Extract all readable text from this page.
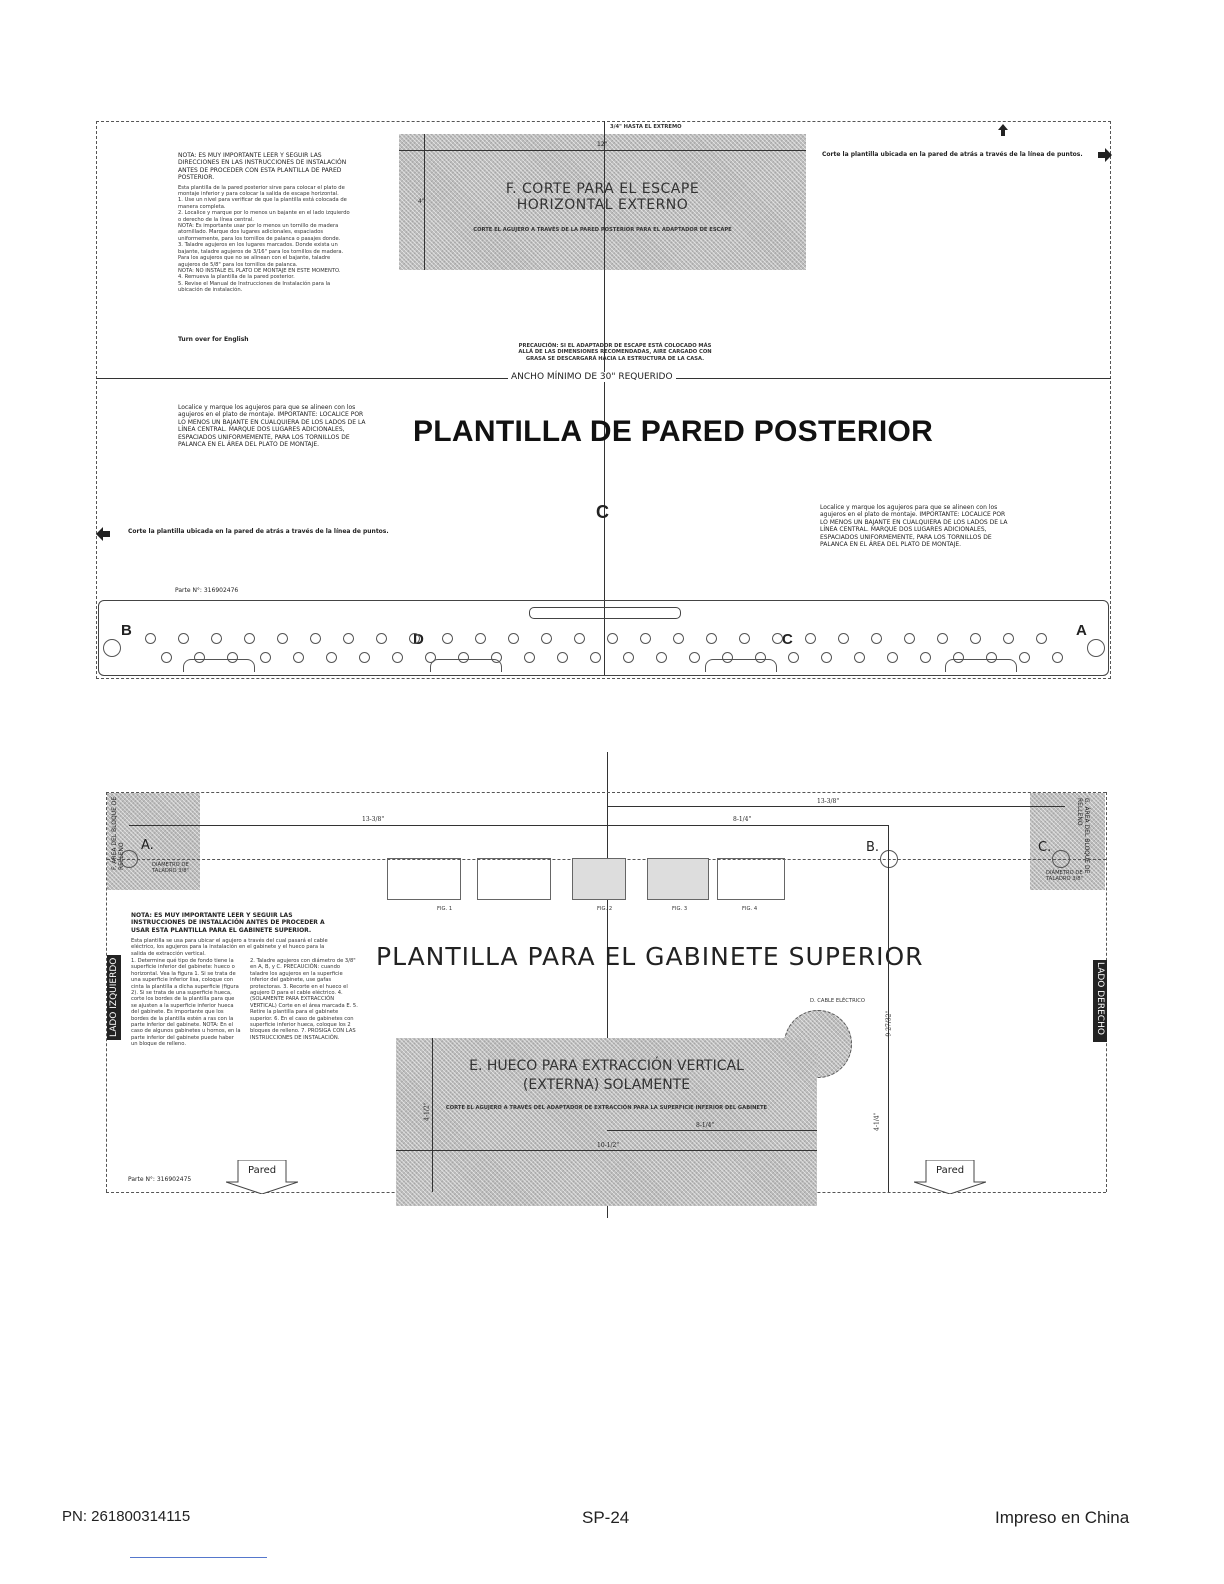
F. CORTE PARA EL ESCAPE
HORIZONTAL EXTERNO
CORTE EL AGUJERO A TRAVÉS DE LA PARED POSTERIOR PARA EL ADAPTADOR DE ESCAPE
12"
4"
3/4" HASTA EL EXTREMO
Corte la plantilla ubicada en la pared de atrás a través de la línea de puntos.
NOTA: ES MUY IMPORTANTE LEER Y SEGUIR LAS DIRECCIONES EN LAS INSTRUCCIONES DE INSTALACIÓN ANTES DE PROCEDER CON ESTA PLANTILLA DE PARED POSTERIOR.
Esta plantilla de la pared posterior sirve para colocar el plato de montaje inferior y para colocar la salida de escape horizontal.
1. Use un nivel para verificar de que la plantilla está colocada de manera completa.
2. Localice y marque por lo menos un bajante en el lado izquierdo o derecho de la línea central.
NOTA: Es importante usar por lo menos un tornillo de madera atornillado. Marque dos lugares adicionales, espaciados uniformemente, para los tornillos de palanca o pasajes donde.
3. Taladre agujeros en los lugares marcados. Donde exista un bajante, taladre agujeros de 3/16" para los tornillos de madera. Para los agujeros que no se alinean con el bajante, taladre agujeros de 5/8" para los tornillos de palanca.
NOTA: NO INSTALE EL PLATO DE MONTAJE EN ESTE MOMENTO.
4. Remueva la plantilla de la pared posterior.
5. Revise el Manual de Instrucciones de Instalación para la ubicación de instalación.
Turn over for English
PRECAUCIÓN: SI EL ADAPTADOR DE ESCAPE ESTÁ COLOCADO MÁS ALLÁ DE LAS DIMENSIONES RECOMENDADAS, AIRE CARGADO CON GRASA SE DESCARGARÁ HACIA LA ESTRUCTURA DE LA CASA.
ANCHO MÍNIMO DE 30" REQUERIDO
PLANTILLA DE PARED POSTERIOR
Localice y marque los agujeros para que se alineen con los agujeros en el plato de montaje. IMPORTANTE: LOCALICE POR LO MENOS UN BAJANTE EN CUALQUIERA DE LOS LADOS DE LA LÍNEA CENTRAL. MARQUE DOS LUGARES ADICIONALES, ESPACIADOS UNIFORMEMENTE, PARA LOS TORNILLOS DE PALANCA EN EL ÁREA DEL PLATO DE MONTAJE.
Corte la plantilla ubicada en la pared de atrás a través de la línea de puntos.
C	Localice y marque los agujeros para que se alineen con los agujeros en el plato de montaje. IMPORTANTE: LOCALICE POR LO MENOS UN BAJANTE EN CUALQUIERA DE LOS LADOS DE LA LÍNEA CENTRAL. MARQUE DOS LUGARES ADICIONALES, ESPACIADOS UNIFORMEMENTE, PARA LOS TORNILLOS DE PALANCA EN EL ÁREA DEL PLATO DE MONTAJE.
Parte N°: 316902476
B
D	C
A
F. ÁREA DEL BLOQUE DE RELLENO	G. ÁREA DEL BLOQUE DE RELLENO
13-3/8"	8-1/4"
13-3/8"
A.
DIÁMETRO DE TALADRO 3/8"
B.	C.
DIÁMETRO DE TALADRO 3/8"
FIG. 1	FIG. 2	FIG. 3	FIG. 4
NOTA: ES MUY IMPORTANTE LEER Y SEGUIR LAS INSTRUCCIONES DE INSTALACIÓN ANTES DE PROCEDER A USAR ESTA PLANTILLA PARA EL GABINETE SUPERIOR.
Esta plantilla se usa para ubicar el agujero a través del cual pasará el cable eléctrico, los agujeros para la instalación en el gabinete y el hueco para la salida de extracción vertical.
1. Determine qué tipo de fondo tiene la superficie inferior del gabinete: hueco o horizontal. Vea la figura 1. Si se trata de una superficie inferior lisa, coloque con cinta la plantilla a dicha superficie (figura 2). Si se trata de una superficie hueca, corte los bordes de la plantilla para que se ajusten a la superficie inferior hueca del gabinete. Es importante que los bordes de la plantilla estén a ras con la parte inferior del gabinete. NOTA: En el caso de algunos gabinetes u hornos, en la parte inferior del gabinete puede haber un bloque de relleno.
2. Taladre agujeros con diámetro de 3/8" en A, B, y C. PRECAUCIÓN: cuando taladre los agujeros en la superficie inferior del gabinete, use gafas protectoras. 3. Recorte en el hueco el agujero D para el cable eléctrico. 4. (SOLAMENTE PARA EXTRACCIÓN VERTICAL) Corte en el área marcada E. 5. Retire la plantilla para el gabinete superior. 6. En el caso de gabinetes con superficie inferior hueca, coloque los 2 bloques de relleno. 7. PROSIGA CON LAS INSTRUCCIONES DE INSTALACIÓN.
LADO IZQUIERDO	LADO DERECHO
PLANTILLA PARA EL GABINETE SUPERIOR
D. CABLE ELÉCTRICO
E. HUECO PARA EXTRACCIÓN VERTICAL
(EXTERNA) SOLAMENTE
CORTE EL AGUJERO A TRAVÉS DEL ADAPTADOR DE EXTRACCIÓN PARA LA SUPERFICIE INFERIOR DEL GABINETE
8-1/4"
10-1/2"
4-1/2"
9-27/32"
4-1/4"
Pared	Pared
Parte N°: 316902475
PN: 261800314115	SP-24	Impreso en China
